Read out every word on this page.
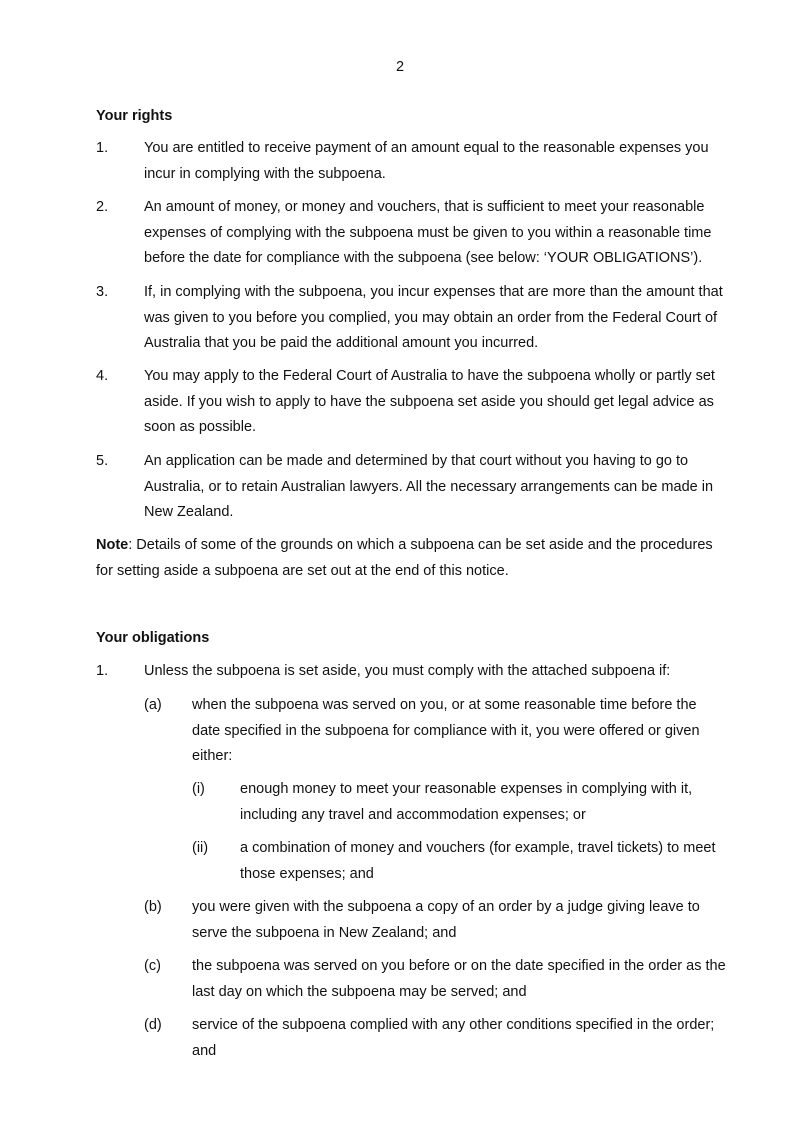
2
Your rights
1. You are entitled to receive payment of an amount equal to the reasonable expenses you incur in complying with the subpoena.
2. An amount of money, or money and vouchers, that is sufficient to meet your reasonable expenses of complying with the subpoena must be given to you within a reasonable time before the date for compliance with the subpoena (see below: ‘YOUR OBLIGATIONS’).
3. If, in complying with the subpoena, you incur expenses that are more than the amount that was given to you before you complied, you may obtain an order from the Federal Court of Australia that you be paid the additional amount you incurred.
4. You may apply to the Federal Court of Australia to have the subpoena wholly or partly set aside. If you wish to apply to have the subpoena set aside you should get legal advice as soon as possible.
5. An application can be made and determined by that court without you having to go to Australia, or to retain Australian lawyers. All the necessary arrangements can be made in New Zealand.
Note: Details of some of the grounds on which a subpoena can be set aside and the procedures for setting aside a subpoena are set out at the end of this notice.
Your obligations
1. Unless the subpoena is set aside, you must comply with the attached subpoena if:
(a) when the subpoena was served on you, or at some reasonable time before the date specified in the subpoena for compliance with it, you were offered or given either:
(i) enough money to meet your reasonable expenses in complying with it, including any travel and accommodation expenses; or
(ii) a combination of money and vouchers (for example, travel tickets) to meet those expenses; and
(b) you were given with the subpoena a copy of an order by a judge giving leave to serve the subpoena in New Zealand; and
(c) the subpoena was served on you before or on the date specified in the order as the last day on which the subpoena may be served; and
(d) service of the subpoena complied with any other conditions specified in the order; and
